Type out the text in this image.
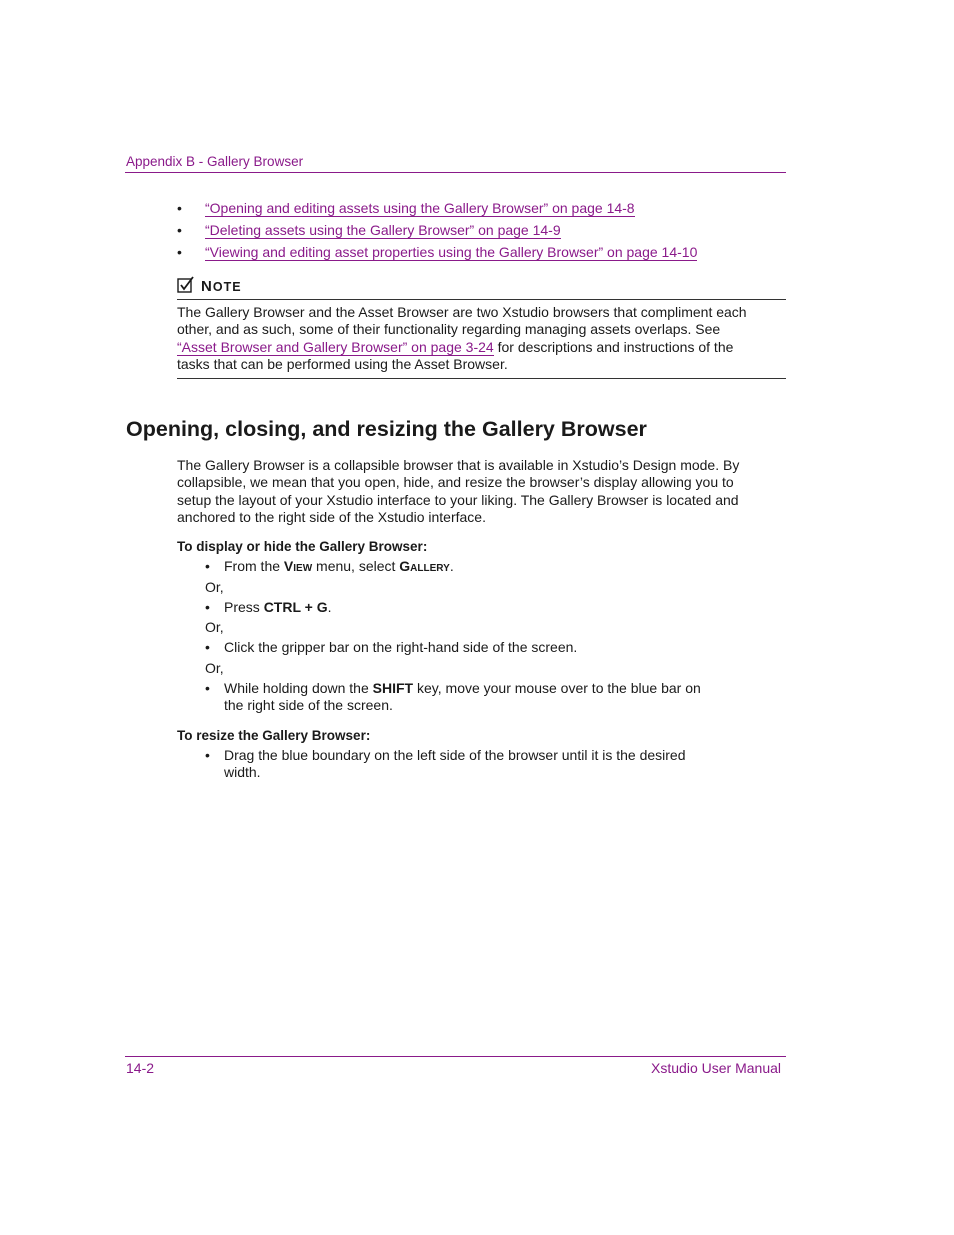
Appendix B - Gallery Browser
• “Opening and editing assets using the Gallery Browser” on page 14-8
• “Deleting assets using the Gallery Browser” on page 14-9
• “Viewing and editing asset properties using the Gallery Browser” on page 14-10
NOTE
The Gallery Browser and the Asset Browser are two Xstudio browsers that compliment each other, and as such, some of their functionality regarding managing assets overlaps. See “Asset Browser and Gallery Browser” on page 3-24 for descriptions and instructions of the tasks that can be performed using the Asset Browser.
Opening, closing, and resizing the Gallery Browser

The Gallery Browser is a collapsible browser that is available in Xstudio’s Design mode. By collapsible, we mean that you open, hide, and resize the browser’s display allowing you to setup the layout of your Xstudio interface to your liking. The Gallery Browser is located and anchored to the right side of the Xstudio interface.

To display or hide the Gallery Browser:
•	From the View menu, select Gallery.
Or,
•	Press CTRL + G.
Or,
•	Click the gripper bar on the right-hand side of the screen.
Or,
•	While holding down the SHIFT key, move your mouse over to the blue bar on the right side of the screen.
To resize the Gallery Browser:
•	Drag the blue boundary on the left side of the browser until it is the desired width.
14-2	Xstudio User Manual
